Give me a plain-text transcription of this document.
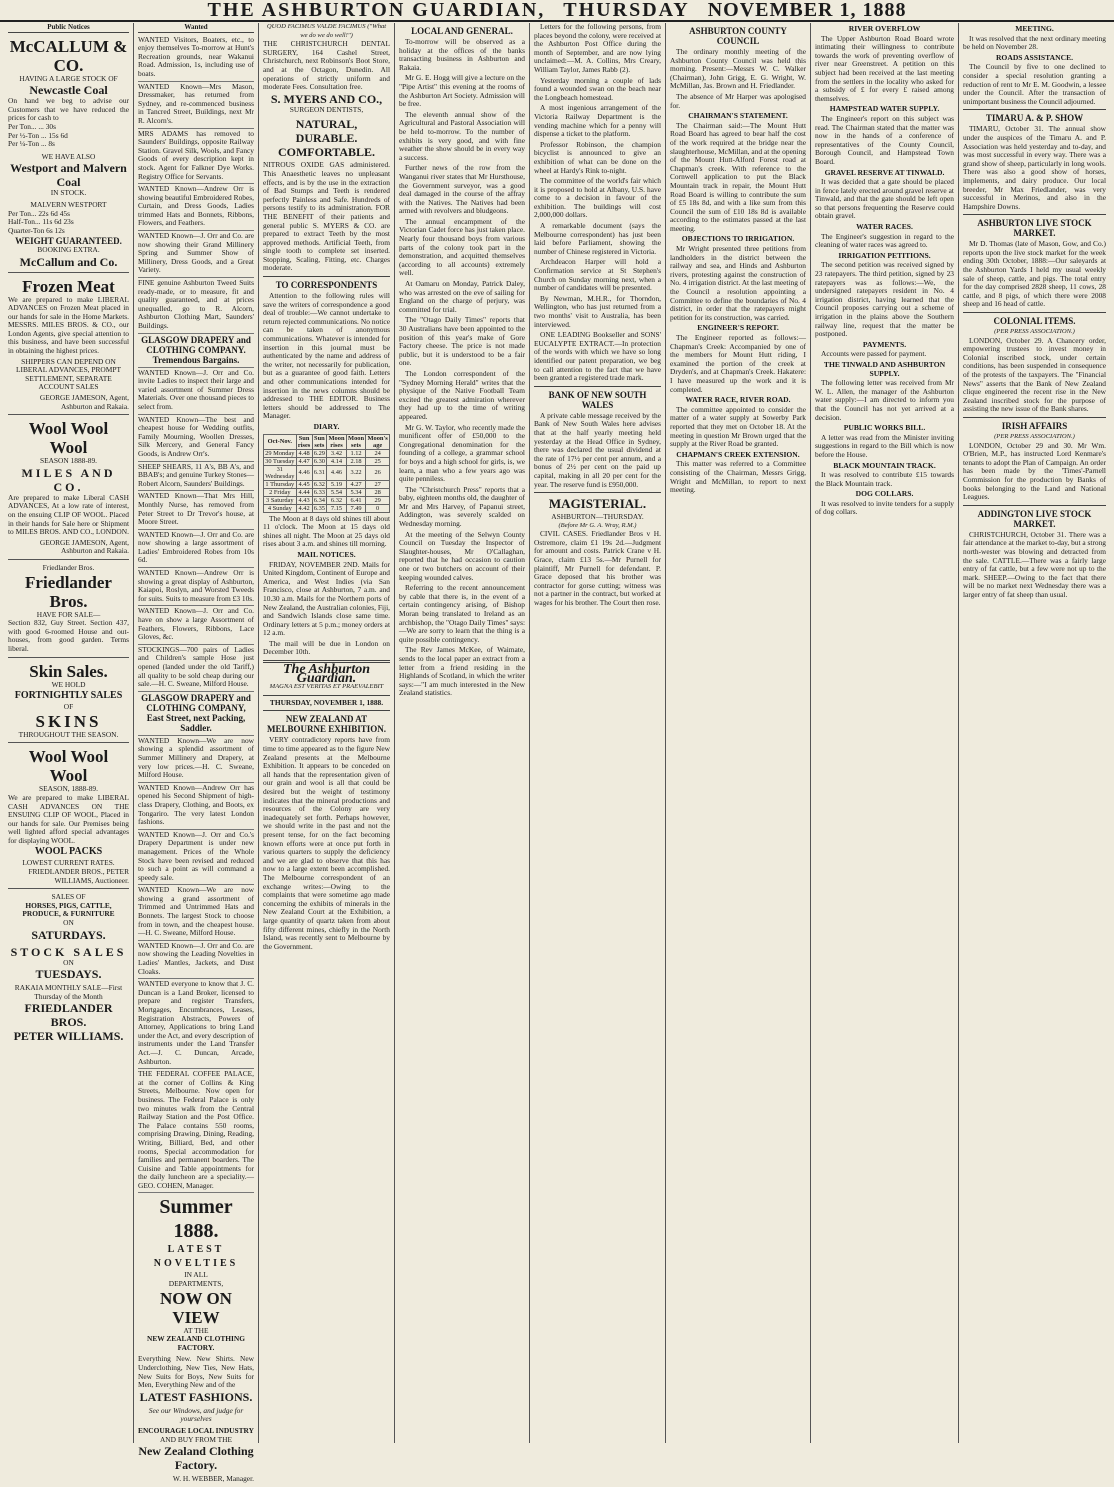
THE ASHBURTON GUARDIAN, THURSDAY NOVEMBER 1, 1888
Public Notices
McCALLUM & CO.
HAVING A LARGE STOCK OF
Newcastle Coal
On hand we beg to advise our Customers that we have reduced the prices for cash to
Per Ton... ... 30s
Per ½-Ton ... 15s 6d
Per ¼-Ton ... 8s
WE HAVE ALSO
Westport and Malvern Coal
IN STOCK.
MALVERN WESTPORT
Per Ton... 22s 6d 45s
Half-Ton... 11s 6d 23s
Quarter-Ton 6s 12s
WEIGHT GUARANTEED.
BOOKING EXTRA.
McCallum and Co.
Frozen Meat
We are prepared to make LIBERAL ADVANCES on Frozen Meat placed in our hands for sale in the Home Markets. MESSRS. MILES BROS. & CO., our London Agents, give special attention to this business, and have been successful in obtaining the highest prices.
SHIPPERS CAN DEPEND ON LIBERAL ADVANCES, PROMPT SETTLEMENT, SEPARATE ACCOUNT SALES
GEORGE JAMESON, Agent, Ashburton and Rakaia.
Wool Wool Wool
SEASON 1888-89.
MILES AND CO.
Are prepared to make Liberal CASH ADVANCES, At a low rate of interest, on the ensuing CLIP OF WOOL. Placed in their hands for Sale here or Shipment to MILES BROS. AND CO., LONDON.
GEORGE JAMESON, Agent, Ashburton and Rakaia.
Friedlander Bros.
Friedlander Bros.
HAVE FOR SALE—
Section 832, Guy Street. Section 437, with good 6-roomed House and out-houses, from good garden. Terms liberal.
Skin Sales.
WE HOLD
FORTNIGHTLY SALES
OF
SKINS
THROUGHOUT THE SEASON.
Wool Wool Wool
SEASON, 1888-89.
We are prepared to make LIBERAL CASH ADVANCES ON THE ENSUING CLIP OF WOOL, Placed in our hands for sale. Our Premises being well lighted afford special advantages for displaying WOOL.
WOOL PACKS
LOWEST CURRENT RATES.
FRIEDLANDER BROS., PETER WILLIAMS, Auctioneer.
SALES OF
HORSES, PIGS, CATTLE, PRODUCE, & FURNITURE
ON
SATURDAYS.
STOCK SALES
ON
TUESDAYS.
RAKAIA MONTHLY SALE—First Thursday of the Month
FRIEDLANDER BROS.
PETER WILLIAMS.
Wanted
WANTED Visitors, Boaters, etc., to enjoy themselves To-morrow at Hunt's Recreation grounds, near Wakanui Road. Admission, 1s, including use of boats.
WANTED Known—Mrs Mason, Dressmaker, has returned from Sydney, and re-commenced business in Tancred Street, Buildings, next Mr R. Alcorn's.
MRS ADAMS has removed to Saunders' Buildings, opposite Railway Station. Gravel Silk, Wools, and Fancy Goods of every description kept in stock. Agent for Falkner Dye Works. Registry Office for Servants.
WANTED Known—Andrew Orr is showing beautiful Embroidered Robes, Curtain, and Dress Goods, Ladies trimmed Hats and Bonnets, Ribbons, Flowers, and Feathers.
WANTED Known—J. Orr and Co. are now showing their Grand Millinery Spring and Summer Show of Millinery, Dress Goods, and a Great Variety.
FINE genuine Ashburton Tweed Suits ready-made, or to measure, fit and quality guaranteed, and at prices unequalled, go to R. Alcorn, Ashburton Clothing Mart, Saunders' Buildings.
GLASGOW DRAPERY and CLOTHING COMPANY. Tremendous Bargains.
WANTED Known—J. Orr and Co. invite Ladies to inspect their large and varied assortment of Summer Dress Materials. Over one thousand pieces to select from.
WANTED Known—The best and cheapest house for Wedding outfits, Family Mourning, Woollen Dresses, Silk Mercery, and General Fancy Goods, is Andrew Orr's.
SHEEP SHEARS, 11 A's, BB A's, and BBAB's; and genuine Turkey Stones—Robert Alcorn, Saunders' Buildings.
WANTED Known—That Mrs Hill, Monthly Nurse, has removed from Peter Street to Dr Trevor's house, at Moore Street.
WANTED Known—J. Orr and Co. are now showing a large assortment of Ladies' Embroidered Robes from 10s 6d.
WANTED Known—Andrew Orr is showing a great display of Ashburton, Kaiapoi, Roslyn, and Worsted Tweeds for suits. Suits to measure from £3 10s.
WANTED Known—J. Orr and Co. have on show a large Assortment of Feathers, Flowers, Ribbons, Lace Gloves, &c.
STOCKINGS—700 pairs of Ladies and Children's sample Hose just opened (landed under the old Tariff,) all quality to be sold cheap during our sale.—H. C. Sweane, Milford House.
GLASGOW DRAPERY and CLOTHING COMPANY, East Street, next Packing, Saddler.
WANTED Known—We are now showing a splendid assortment of Summer Millinery and Drapery, at very low prices.—H. C. Sweane, Milford House.
WANTED Known—Andrew Orr has opened his Second Shipment of high-class Drapery, Clothing, and Boots, ex Tongariro. The very latest London fashions.
WANTED Known—J. Orr and Co.'s Drapery Department is under new management. Prices of the Whole Stock have been revised and reduced to such a point as will command a speedy sale.
WANTED Known—We are now showing a grand assortment of Trimmed and Untrimmed Hats and Bonnets. The largest Stock to choose from in town, and the cheapest house.—H. C. Sweane, Milford House.
WANTED Known—J. Orr and Co. are now showing the Leading Novelties in Ladies' Mantles, Jackets, and Dust Cloaks.
WANTED everyone to know that J. C. Duncan is a Land Broker, licensed to prepare and register Transfers, Mortgages, Encumbrances, Leases, Registration Abstracts, Powers of Attorney, Applications to bring Land under the Act, and every description of instruments under the Land Transfer Act.—J. C. Duncan, Arcade, Ashburton.
THE FEDERAL COFFEE PALACE, at the corner of Collins & King Streets, Melbourne. Now open for business. The Federal Palace is only two minutes walk from the Central Railway Station and the Post Office. The Palace contains 550 rooms, comprising Drawing, Dining, Reading, Writing, Billiard, Bed, and other rooms, Special accommodation for families and permanent boarders. The Cuisine and Table appointments for the daily luncheon are a speciality.—GEO. COHEN, Manager.
Summer 1888.
LATEST NOVELTIES
IN ALL
DEPARTMENTS,
NOW ON VIEW
AT THE
NEW ZEALAND CLOTHING FACTORY.
Everything New. New Shirts. New Underclothing, New Ties, New Hats, New Suits for Boys, New Suits for Men, Everything New and of the
LATEST FASHIONS.
See our Windows, and judge for yourselves
ENCOURAGE LOCAL INDUSTRY
AND BUY FROM THE
New Zealand Clothing Factory.
W. H. WEBBER, Manager.
QUOD FACIMUS VALDE FACIMUS ("What we do we do well!")
THE CHRISTCHURCH DENTAL SURGERY, 164 Cashel Street, Christchurch, next Robinson's Boot Store, and at the Octagon, Dunedin. All operations of strictly uniform and moderate Fees. Consultation free.
S. MYERS AND CO.,
SURGEON DENTISTS,
NATURAL,
DURABLE.
COMFORTABLE.
NITROUS OXIDE GAS administered. This Anaesthetic leaves no unpleasant effects, and is by the use in the extraction of Bad Stumps and Teeth is rendered perfectly Painless and Safe. Hundreds of persons testify to its administration. FOR THE BENEFIT of their patients and general public S. MYERS & CO. are prepared to extract Teeth by the most approved methods. Artificial Teeth, from single tooth to complete set inserted. Stopping, Scaling, Fitting, etc. Charges moderate.
TO CORRESPONDENTS

Attention to the following rules will save the writers of correspondence a good deal of trouble:—We cannot undertake to return rejected communications. No notice can be taken of anonymous communications. Whatever is intended for insertion in this journal must be authenticated by the name and address of the writer, not necessarily for publication, but as a guarantee of good faith. Letters and other communications intended for insertion in the news columns should be addressed to THE EDITOR. Business letters should be addressed to The Manager.

DIARY.
Oct-Nov.	Sun rises	Sun sets	Moon rises	Moon sets	Moon's age
29 Monday	4.48	6.29	3.42	1.12	24
30 Tuesday	4.47	6.30	4.14	2.18	25
31 Wednesday	4.46	6.31	4.46	3.22	26
1 Thursday	4.45	6.32	5.19	4.27	27
2 Friday	4.44	6.33	5.54	5.34	28
3 Saturday	4.43	6.34	6.32	6.41	29
4 Sunday	4.42	6.35	7.15	7.49	0

The Moon at 8 days old shines till about 11 o'clock. The Moon at 15 days old shines all night. The Moon at 25 days old rises about 3 a.m. and shines till morning.

MAIL NOTICES.

FRIDAY, NOVEMBER 2ND. Mails for United Kingdom, Continent of Europe and America, and West Indies (via San Francisco, close at Ashburton, 7 a.m. and 10.30 a.m. Mails for the Northern ports of New Zealand, the Australian colonies, Fiji, and Sandwich Islands close same time. Ordinary letters at 5 p.m.; money orders at 12 a.m.

The mail will be due in London on December 10th.

The Ashburton Guardian.
MAGNA EST VERITAS ET PRAEVALEBIT
THURSDAY, NOVEMBER 1, 1888.
NEW ZEALAND AT MELBOURNE EXHIBITION.

VERY contradictory reports have from time to time appeared as to the figure New Zealand presents at the Melbourne Exhibition. It appears to be conceded on all hands that the representation given of our grain and wool is all that could be desired but the weight of testimony indicates that the mineral productions and resources of the Colony are very inadequately set forth. Perhaps however, we should write in the past and not the present tense, for on the fact becoming known efforts were at once put forth in various quarters to supply the deficiency and we are glad to observe that this has now to a large extent been accomplished. The Melbourne correspondent of an exchange writes:—Owing to the complaints that were sometime ago made concerning the exhibits of minerals in the New Zealand Court at the Exhibition, a large quantity of quartz taken from about fifty different mines, chiefly in the North Island, was recently sent to Melbourne by the Government.

LOCAL AND GENERAL.

To-morrow will be observed as a holiday at the offices of the banks transacting business in Ashburton and Rakaia.

Mr G. E. Hogg will give a lecture on the "Pipe Artist" this evening at the rooms of the Ashburton Art Society. Admission will be free.

The eleventh annual show of the Agricultural and Pastoral Association will be held to-morrow. To the number of exhibits is very good, and with fine weather the show should be in every way a success.

Further news of the row from the Wanganui river states that Mr Hursthouse, the Government surveyor, was a good deal damaged in the course of the affray with the Natives. The Natives had been armed with revolvers and bludgeons.

The annual encampment of the Victorian Cadet force has just taken place. Nearly four thousand boys from various parts of the colony took part in the demonstration, and acquitted themselves (according to all accounts) extremely well.

At Oamaru on Monday, Patrick Daley, who was arrested on the eve of sailing for England on the charge of perjury, was committed for trial.

The "Otago Daily Times" reports that 30 Australians have been appointed to the position of this year's make of Gore Factory cheese. The price is not made public, but it is understood to be a fair one.

The London correspondent of the "Sydney Morning Herald" writes that the physique of the Native Football Team excited the greatest admiration wherever they had up to the time of writing appeared.

Mr G. W. Taylor, who recently made the munificent offer of £50,000 to the Congregational denomination for the founding of a college, a grammar school for boys and a high school for girls, is, we learn, a man who a few years ago was quite penniless.

The "Christchurch Press" reports that a baby, eighteen months old, the daughter of Mr and Mrs Harvey, of Papanui street, Addington, was severely scalded on Wednesday morning.

At the meeting of the Selwyn County Council on Tuesday the Inspector of Slaughter-houses, Mr O'Callaghan, reported that he had occasion to caution one or two butchers on account of their keeping wounded calves.

Referring to the recent announcement by cable that there is, in the event of a certain contingency arising, of Bishop Moran being translated to Ireland as an archbishop, the "Otago Daily Times" says:—We are sorry to learn that the thing is a quite possible contingency.

The Rev James McKee, of Waimate, sends to the local paper an extract from a letter from a friend residing in the Highlands of Scotland, in which the writer says:—"I am much interested in the New Zealand statistics.

Letters for the following persons, from places beyond the colony, were received at the Ashburton Post Office during the month of September, and are now lying unclaimed:—M. A. Collins, Mrs Creary, William Taylor, James Rabb (2).

Yesterday morning a couple of lads found a wounded swan on the beach near the Longbeach homestead.

A most ingenious arrangement of the Victoria Railway Department is the vending machine which for a penny will dispense a ticket to the platform.

Professor Robinson, the champion bicyclist is announced to give an exhibition of what can be done on the wheel at Hardy's Rink to-night.

The committee of the world's fair which it is proposed to hold at Albany, U.S. have come to a decision in favour of the exhibition. The buildings will cost 2,000,000 dollars.

A remarkable document (says the Melbourne correspondent) has just been laid before Parliament, showing the number of Chinese registered in Victoria.

Archdeacon Harper will hold a Confirmation service at St Stephen's Church on Sunday morning next, when a number of candidates will be presented.

By Newman, M.H.R., for Thorndon, Wellington, who has just returned from a two months' visit to Australia, has been interviewed.

ONE LEADING Bookseller and SONS' EUCALYPTE EXTRACT.—In protection of the words with which we have so long identified our patent preparation, we beg to call attention to the fact that we have been granted a registered trade mark.

BANK OF NEW SOUTH WALES

A private cable message received by the Bank of New South Wales here advises that at the half yearly meeting held yesterday at the Head Office in Sydney, there was declared the usual dividend at the rate of 17½ per cent per annum, and a bonus of 2½ per cent on the paid up capital, making in all 20 per cent for the year. The reserve fund is £950,000.

MAGISTERIAL.
ASHBURTON—THURSDAY.
(Before Mr G. A. Wray, R.M.)

CIVIL CASES. Friedlander Bros v H. Ostremore, claim £1 19s 2d.—Judgment for amount and costs. Patrick Crane v H. Grace, claim £13 5s.—Mr Purnell for plaintiff, Mr Purnell for defendant. P. Grace deposed that his brother was contractor for gorse cutting; witness was not a partner in the contract, but worked at wages for his brother. The Court then rose.

ASHBURTON COUNTY COUNCIL

The ordinary monthly meeting of the Ashburton County Council was held this morning. Present:—Messrs W. C. Walker (Chairman), John Grigg, E. G. Wright, W. McMillan, Jas. Brown and H. Friedlander.

The absence of Mr Harper was apologised for.

CHAIRMAN'S STATEMENT.

The Chairman said:—The Mount Hutt Road Board has agreed to bear half the cost of the work required at the bridge near the slaughterhouse, McMillan, and at the opening of the Mount Hutt-Alford Forest road at Chapman's creek. With reference to the Cornwell application to put the Black Mountain track in repair, the Mount Hutt Road Board is willing to contribute the sum of £5 18s 8d, and with a like sum from this Council the sum of £10 18s 8d is available according to the estimates passed at the last meeting.

OBJECTIONS TO IRRIGATION.

Mr Wright presented three petitions from landholders in the district between the railway and sea, and Hinds and Ashburton rivers, protesting against the construction of No. 4 irrigation district. At the last meeting of the Council a resolution appointing a Committee to define the boundaries of No. 4 district, in order that the ratepayers might petition for its construction, was carried.

ENGINEER'S REPORT.

The Engineer reported as follows:—Chapman's Creek: Accompanied by one of the members for Mount Hutt riding, I examined the portion of the creek at Dryden's, and at Chapman's Creek. Hakatere: I have measured up the work and it is completed.

WATER RACE, RIVER ROAD.

The committee appointed to consider the matter of a water supply at Sowerby Park reported that they met on October 18. At the meeting in question Mr Brown urged that the supply at the River Road be granted.

CHAPMAN'S CREEK EXTENSION.

This matter was referred to a Committee consisting of the Chairman, Messrs Grigg, Wright and McMillan, to report to next meeting.

RIVER OVERFLOW

The Upper Ashburton Road Board wrote intimating their willingness to contribute towards the work of preventing overflow of river near Greenstreet. A petition on this subject had been received at the last meeting from the settlers in the locality who asked for a subsidy of £ for every £ raised among themselves.

HAMPSTEAD WATER SUPPLY.

The Engineer's report on this subject was read. The Chairman stated that the matter was now in the hands of a conference of representatives of the County Council, Borough Council, and Hampstead Town Board.

GRAVEL RESERVE AT TINWALD.

It was decided that a gate should be placed in fence lately erected around gravel reserve at Tinwald, and that the gate should be left open so that persons frequenting the Reserve could obtain gravel.

WATER RACES.

The Engineer's suggestion in regard to the cleaning of water races was agreed to.

IRRIGATION PETITIONS.

The second petition was received signed by 23 ratepayers. The third petition, signed by 23 ratepayers was as follows:—We, the undersigned ratepayers resident in No. 4 irrigation district, having learned that the Council proposes carrying out a scheme of irrigation in the plains above the Southern railway line, request that the matter be postponed.

PAYMENTS.

Accounts were passed for payment.

THE TINWALD AND ASHBURTON SUPPLY.

The following letter was received from Mr W. L. Allen, the manager of the Ashburton water supply:—I am directed to inform you that the Council has not yet arrived at a decision.

PUBLIC WORKS BILL.

A letter was read from the Minister inviting suggestions in regard to the Bill which is now before the House.

BLACK MOUNTAIN TRACK.

It was resolved to contribute £15 towards the Black Mountain track.

DOG COLLARS.

It was resolved to invite tenders for a supply of dog collars.

MEETING.

It was resolved that the next ordinary meeting be held on November 28.

ROADS ASSISTANCE.

The Council by five to one declined to consider a special resolution granting a reduction of rent to Mr E. M. Goodwin, a lessee under the Council. After the transaction of unimportant business the Council adjourned.

TIMARU A. & P. SHOW

TIMARU, October 31. The annual show under the auspices of the Timaru A. and P. Association was held yesterday and to-day, and was most successful in every way. There was a grand show of sheep, particularly in long wools. There was also a good show of horses, implements, and dairy produce. Our local breeder, Mr Max Friedlander, was very successful in Merinos, and also in the Hampshire Downs.

ASHBURTON LIVE STOCK MARKET.

Mr D. Thomas (late of Mason, Gow, and Co.) reports upon the live stock market for the week ending 30th October, 1888:—Our saleyards at the Ashburton Yards I held my usual weekly sale of sheep, cattle, and pigs. The total entry for the day comprised 2828 sheep, 11 cows, 28 cattle, and 8 pigs, of which there were 2008 sheep and 16 head of cattle.

COLONIAL ITEMS.
(PER PRESS ASSOCIATION.)

LONDON, October 29. A Chancery order, empowering trustees to invest money in Colonial inscribed stock, under certain conditions, has been suspended in consequence of the protests of the taxpayers. The "Financial News" asserts that the Bank of New Zealand clique engineered the recent rise in the New Zealand inscribed stock for the purpose of assisting the new issue of the Bank shares.

IRISH AFFAIRS
(PER PRESS ASSOCIATION.)

LONDON, October 29 and 30. Mr Wm. O'Brien, M.P., has instructed Lord Kenmare's tenants to adopt the Plan of Campaign. An order has been made by the 'Times'-Parnell Commission for the production by Banks of books belonging to the Land and National Leagues.

ADDINGTON LIVE STOCK MARKET.

CHRISTCHURCH, October 31. There was a fair attendance at the market to-day, but a strong north-wester was blowing and detracted from the sale. CATTLE.—There was a fairly large entry of fat cattle, but a few were not up to the mark. SHEEP.—Owing to the fact that there will be no market next Wednesday there was a larger entry of fat sheep than usual.
